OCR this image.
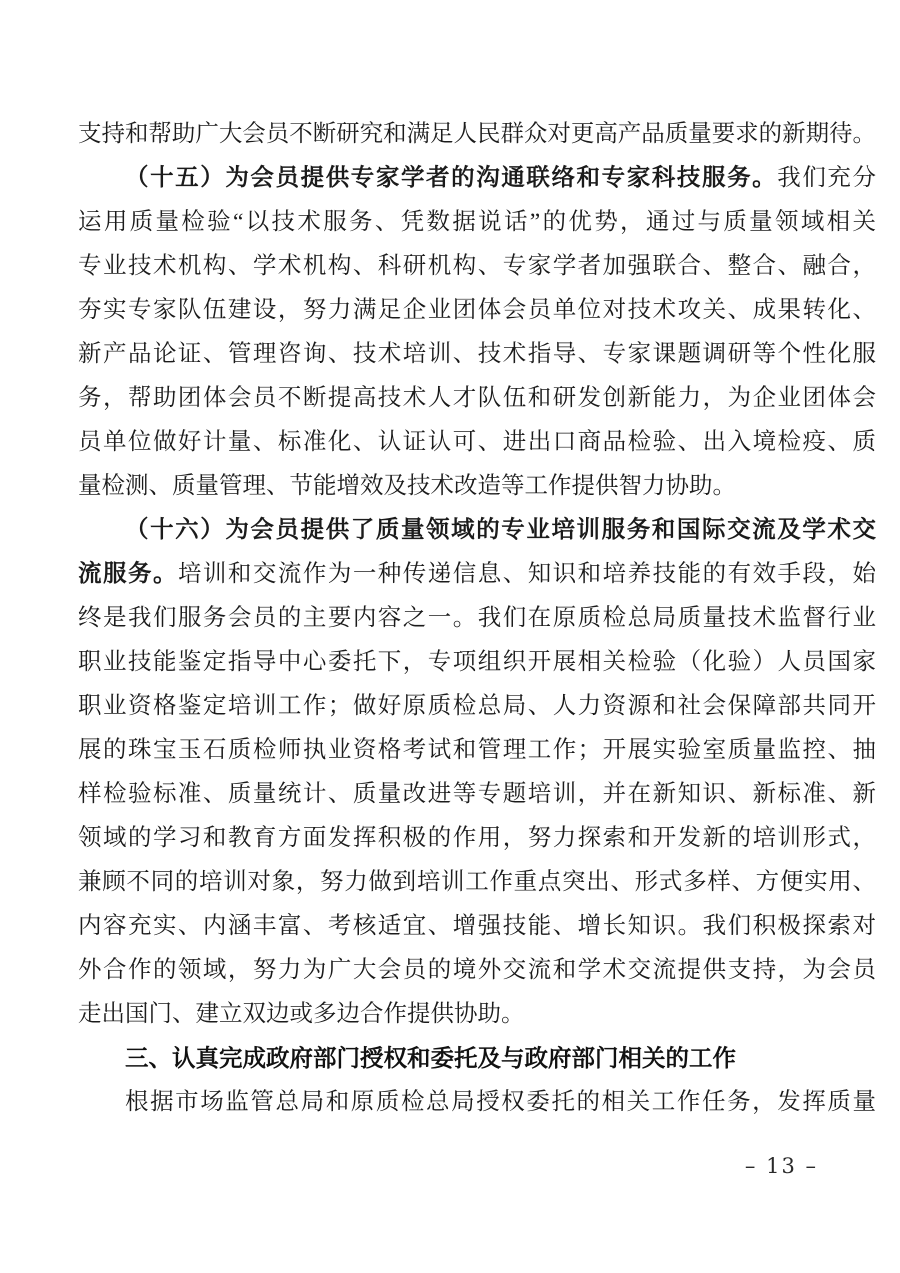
支持和帮助广大会员不断研究和满足人民群众对更高产品质量要求的新期待。
（十五）为会员提供专家学者的沟通联络和专家科技服务。我们充分
运用质量检验“以技术服务、凭数据说话”的优势，通过与质量领域相关
专业技术机构、学术机构、科研机构、专家学者加强联合、整合、融合，
夯实专家队伍建设，努力满足企业团体会员单位对技术攻关、成果转化、
新产品论证、管理咨询、技术培训、技术指导、专家课题调研等个性化服
务，帮助团体会员不断提高技术人才队伍和研发创新能力，为企业团体会
员单位做好计量、标准化、认证认可、进出口商品检验、出入境检疫、质
量检测、质量管理、节能增效及技术改造等工作提供智力协助。
（十六）为会员提供了质量领域的专业培训服务和国际交流及学术交
流服务。培训和交流作为一种传递信息、知识和培养技能的有效手段，始
终是我们服务会员的主要内容之一。我们在原质检总局质量技术监督行业
职业技能鉴定指导中心委托下，专项组织开展相关检验（化验）人员国家
职业资格鉴定培训工作；做好原质检总局、人力资源和社会保障部共同开
展的珠宝玉石质检师执业资格考试和管理工作；开展实验室质量监控、抽
样检验标准、质量统计、质量改进等专题培训，并在新知识、新标准、新
领域的学习和教育方面发挥积极的作用，努力探索和开发新的培训形式，
兼顾不同的培训对象，努力做到培训工作重点突出、形式多样、方便实用、
内容充实、内涵丰富、考核适宜、增强技能、增长知识。我们积极探索对
外合作的领域，努力为广大会员的境外交流和学术交流提供支持，为会员
走出国门、建立双边或多边合作提供协助。
三、认真完成政府部门授权和委托及与政府部门相关的工作
根据市场监管总局和原质检总局授权委托的相关工作任务，发挥质量
– 13 –
